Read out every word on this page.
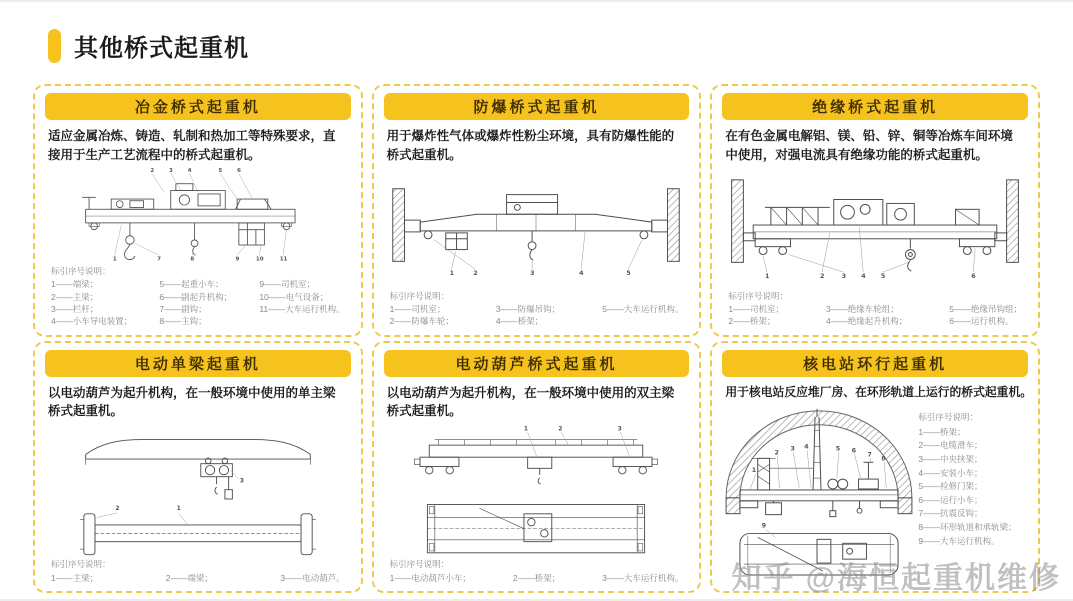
其他桥式起重机
冶金桥式起重机
适应金属冶炼、铸造、轧制和热加工等特殊要求，直接用于生产工艺流程中的桥式起重机。
1
2 3 4	5 6
7	8	9	10 11
标引序号说明：
1——端梁；
2——主梁；
3——栏杆；
4——小车导电装置；
5——起重小车；
6——副起升机构；
7——副钩；
8——主钩；
9——司机室；
10——电气设备；
11——大车运行机构。
防爆桥式起重机
用于爆炸性气体或爆炸性粉尘环境，具有防爆性能的桥式起重机。
1	2	3	4	5
标引序号说明：
1——司机室；
2——防爆车轮；
3——防爆吊钩；
4——桥架；
5——大车运行机构。
绝缘桥式起重机
在有色金属电解铝、镁、铅、锌、铜等冶炼车间环境中使用，对强电流具有绝缘功能的桥式起重机。
1	2	3 4 5	6
标引序号说明：
1——司机室；
2——桥架；
3——绝缘车轮组；
4——绝缘起升机构；
5——绝缘吊钩组；
6——运行机构。
电动单梁起重机
以电动葫芦为起升机构，在一般环境中使用的单主梁桥式起重机。
1
2
3
标引序号说明：
1——主梁；	2——端梁；	3——电动葫芦。
电动葫芦桥式起重机
以电动葫芦为起升机构，在一般环境中使用的双主梁桥式起重机。
1	2	3
标引序号说明：
1——电动葫芦小车；	2——桥架；	3——大车运行机构。
核电站环行起重机
用于核电站反应堆厂房、在环形轨道上运行的桥式起重机。
1
2 3 4	5 6 7 8
9
标引序号说明：
1——桥架；
2——电缆滑车；
3——中央挟架；
4——安装小车；
5——检修门架；
6——运行小车；
7——抗震反钩；
8——环形轨道和承轨梁；
9——大车运行机构。
知乎 @海恒起重机维修
